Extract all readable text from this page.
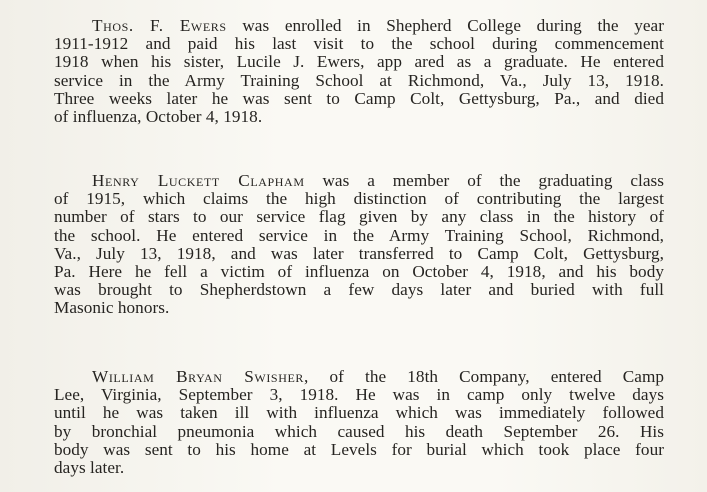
Thos. F. Ewers was enrolled in Shepherd College during the year
1911-1912 and paid his last visit to the school during commencement
1918 when his sister, Lucile J. Ewers, app ared as a graduate. He entered
service in the Army Training School at Richmond, Va., July 13, 1918.
Three weeks later he was sent to Camp Colt, Gettysburg, Pa., and died
of influenza, October 4, 1918.
Henry Luckett Clapham was a member of the graduating class
of 1915, which claims the high distinction of contributing the largest
number of stars to our service flag given by any class in the history of
the school. He entered service in the Army Training School, Richmond,
Va., July 13, 1918, and was later transferred to Camp Colt, Gettysburg,
Pa. Here he fell a victim of influenza on October 4, 1918, and his body
was brought to Shepherdstown a few days later and buried with full
Masonic honors.
William Bryan Swisher, of the 18th Company, entered Camp
Lee, Virginia, September 3, 1918. He was in camp only twelve days
until he was taken ill with influenza which was immediately followed
by bronchial pneumonia which caused his death September 26. His
body was sent to his home at Levels for burial which took place four
days later.
